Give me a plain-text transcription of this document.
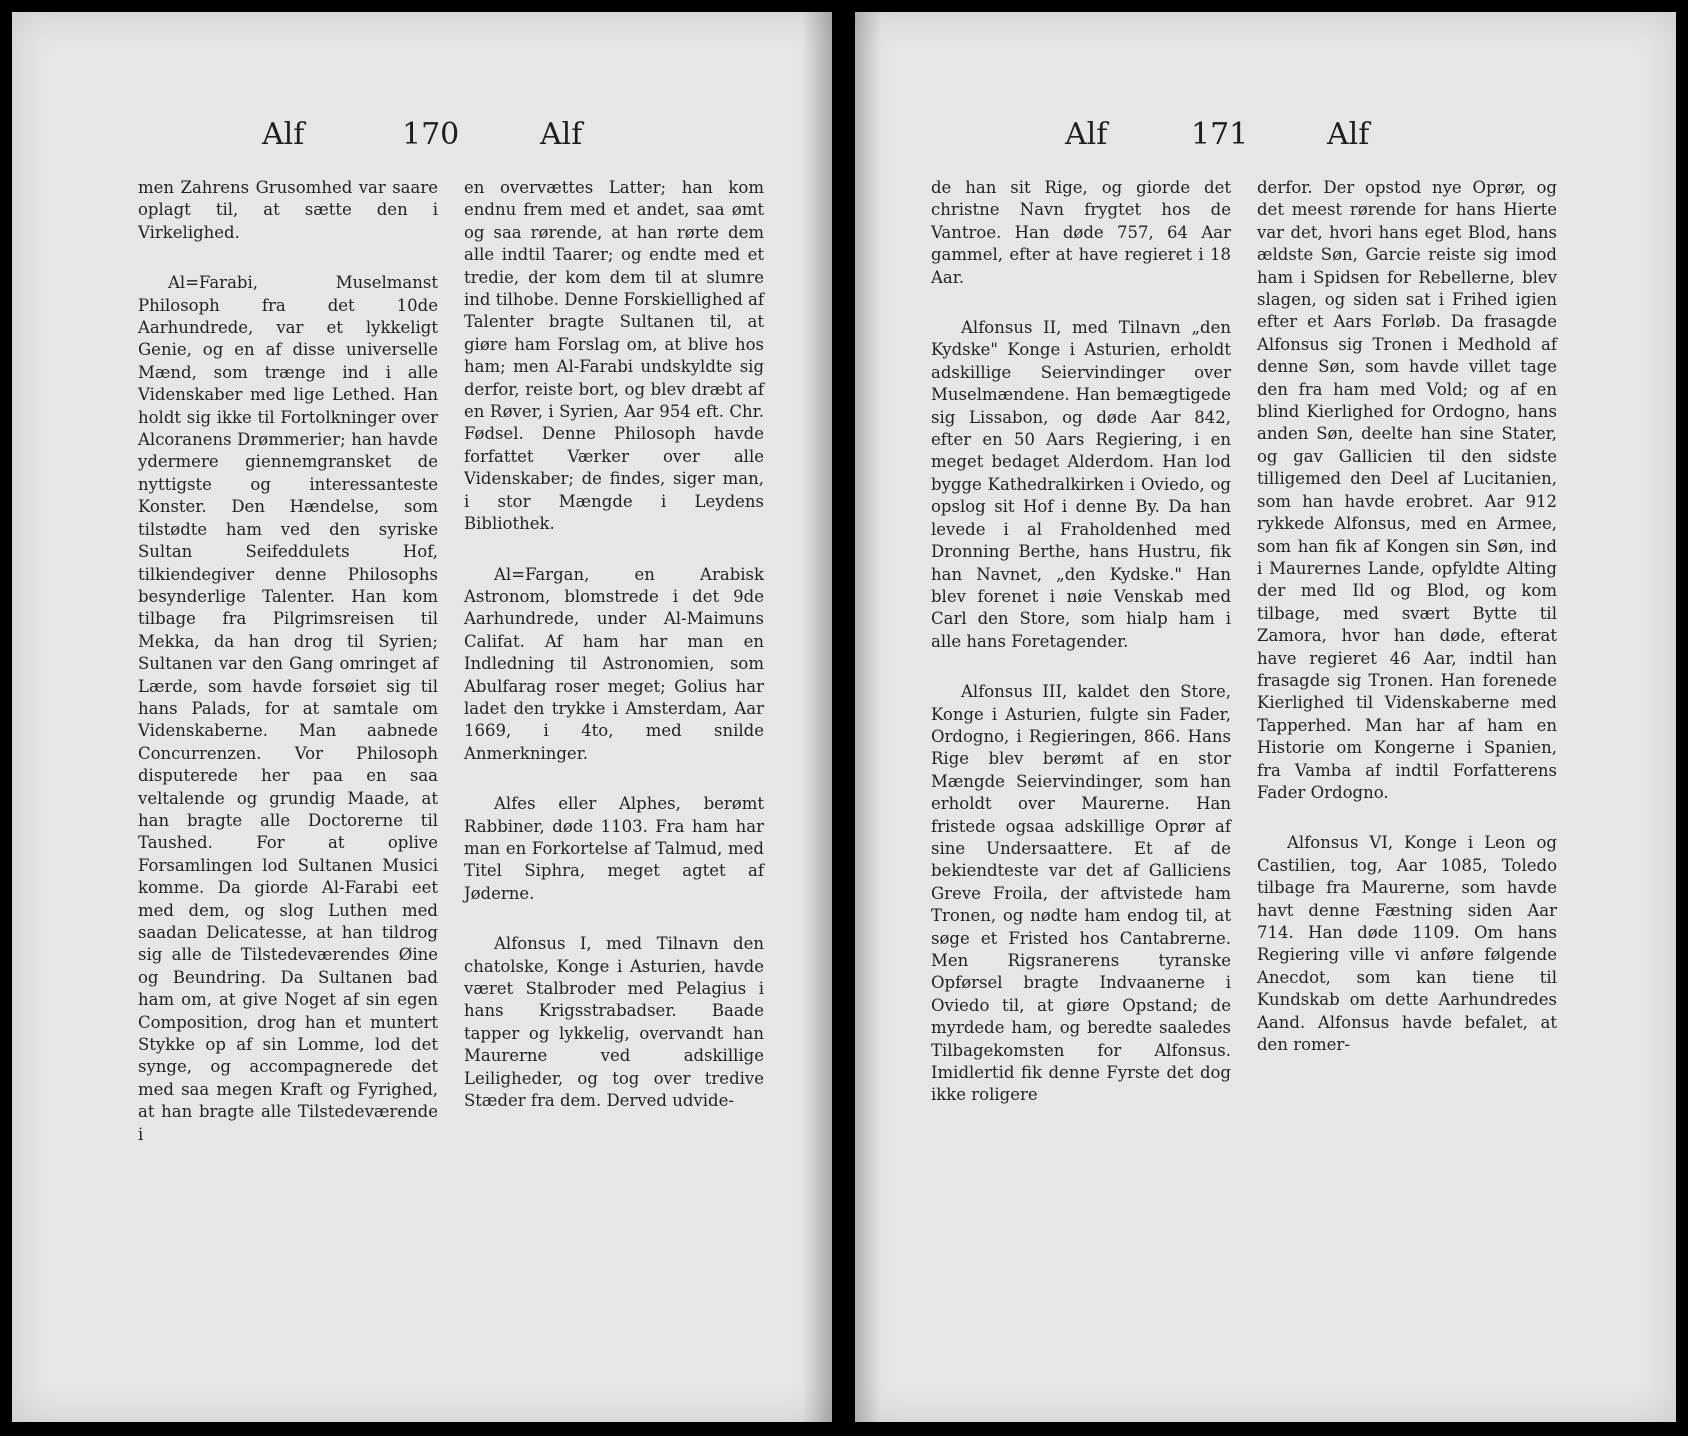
Alf	170	Alf

men Zahrens Grusomhed var saare oplagt til, at sætte den i Virkelighed.

Al=Farabi, Muselmanst Philosoph fra det 10de Aarhundrede, var et lykkeligt Genie, og en af disse universelle Mænd, som trænge ind i alle Videnskaber med lige Lethed. Han holdt sig ikke til Fortolkninger over Alcoranens Drømmerier; han havde ydermere giennemgransket de nyttigste og interessanteste Konster. Den Hændelse, som tilstødte ham ved den syriske Sultan Seifeddulets Hof, tilkiendegiver denne Philosophs besynderlige Talenter. Han kom tilbage fra Pilgrimsreisen til Mekka, da han drog til Syrien; Sultanen var den Gang omringet af Lærde, som havde forsøiet sig til hans Palads, for at samtale om Videnskaberne. Man aabnede Concurrenzen. Vor Philosoph disputerede her paa en saa veltalende og grundig Maade, at han bragte alle Doctorerne til Taushed. For at oplive Forsamlingen lod Sultanen Musici komme. Da giorde Al-Farabi eet med dem, og slog Luthen med saadan Delicatesse, at han tildrog sig alle de Tilstedeværendes Øine og Beundring. Da Sultanen bad ham om, at give Noget af sin egen Composition, drog han et muntert Stykke op af sin Lomme, lod det synge, og accompagnerede det med saa megen Kraft og Fyrighed, at han bragte alle Tilstedeværende i

en overvættes Latter; han kom endnu frem med et andet, saa ømt og saa rørende, at han rørte dem alle indtil Taarer; og endte med et tredie, der kom dem til at slumre ind tilhobe. Denne Forskiellighed af Talenter bragte Sultanen til, at giøre ham Forslag om, at blive hos ham; men Al-Farabi undskyldte sig derfor, reiste bort, og blev dræbt af en Røver, i Syrien, Aar 954 eft. Chr. Fødsel. Denne Philosoph havde forfattet Værker over alle Videnskaber; de findes, siger man, i stor Mængde i Leydens Bibliothek.

Al=Fargan, en Arabisk Astronom, blomstrede i det 9de Aarhundrede, under Al-Maimuns Califat. Af ham har man en Indledning til Astronomien, som Abulfarag roser meget; Golius har ladet den trykke i Amsterdam, Aar 1669, i 4to, med snilde Anmerkninger.

Alfes eller Alphes, berømt Rabbiner, døde 1103. Fra ham har man en Forkortelse af Talmud, med Titel Siphra, meget agtet af Jøderne.

Alfonsus I, med Tilnavn den chatolske, Konge i Asturien, havde været Stalbroder med Pelagius i hans Krigsstrabadser. Baade tapper og lykkelig, overvandt han Maurerne ved adskillige Leiligheder, og tog over tredive Stæder fra dem. Derved udvide-

Alf	171	Alf

de han sit Rige, og giorde det christne Navn frygtet hos de Vantroe. Han døde 757, 64 Aar gammel, efter at have regieret i 18 Aar.

Alfonsus II, med Tilnavn „den Kydske" Konge i Asturien, erholdt adskillige Seiervindinger over Muselmændene. Han bemægtigede sig Lissabon, og døde Aar 842, efter en 50 Aars Regiering, i en meget bedaget Alderdom. Han lod bygge Kathedralkirken i Oviedo, og opslog sit Hof i denne By. Da han levede i al Fraholdenhed med Dronning Berthe, hans Hustru, fik han Navnet, „den Kydske." Han blev forenet i nøie Venskab med Carl den Store, som hialp ham i alle hans Foretagender.

Alfonsus III, kaldet den Store, Konge i Asturien, fulgte sin Fader, Ordogno, i Regieringen, 866. Hans Rige blev berømt af en stor Mængde Seiervindinger, som han erholdt over Maurerne. Han fristede ogsaa adskillige Oprør af sine Undersaattere. Et af de bekiendteste var det af Galliciens Greve Froila, der aftvistede ham Tronen, og nødte ham endog til, at søge et Fristed hos Cantabrerne. Men Rigsranerens tyranske Opførsel bragte Indvaanerne i Oviedo til, at giøre Opstand; de myrdede ham, og beredte saaledes Tilbagekomsten for Alfonsus. Imidlertid fik denne Fyrste det dog ikke roligere

derfor. Der opstod nye Oprør, og det meest rørende for hans Hierte var det, hvori hans eget Blod, hans ældste Søn, Garcie reiste sig imod ham i Spidsen for Rebellerne, blev slagen, og siden sat i Frihed igien efter et Aars Forløb. Da frasagde Alfonsus sig Tronen i Medhold af denne Søn, som havde villet tage den fra ham med Vold; og af en blind Kierlighed for Ordogno, hans anden Søn, deelte han sine Stater, og gav Gallicien til den sidste tilligemed den Deel af Lucitanien, som han havde erobret. Aar 912 rykkede Alfonsus, med en Armee, som han fik af Kongen sin Søn, ind i Maurernes Lande, opfyldte Alting der med Ild og Blod, og kom tilbage, med svært Bytte til Zamora, hvor han døde, efterat have regieret 46 Aar, indtil han frasagde sig Tronen. Han forenede Kierlighed til Videnskaberne med Tapperhed. Man har af ham en Historie om Kongerne i Spanien, fra Vamba af indtil Forfatterens Fader Ordogno.

Alfonsus VI, Konge i Leon og Castilien, tog, Aar 1085, Toledo tilbage fra Maurerne, som havde havt denne Fæstning siden Aar 714. Han døde 1109. Om hans Regiering ville vi anføre følgende Anecdot, som kan tiene til Kundskab om dette Aarhundredes Aand. Alfonsus havde befalet, at den romer-
